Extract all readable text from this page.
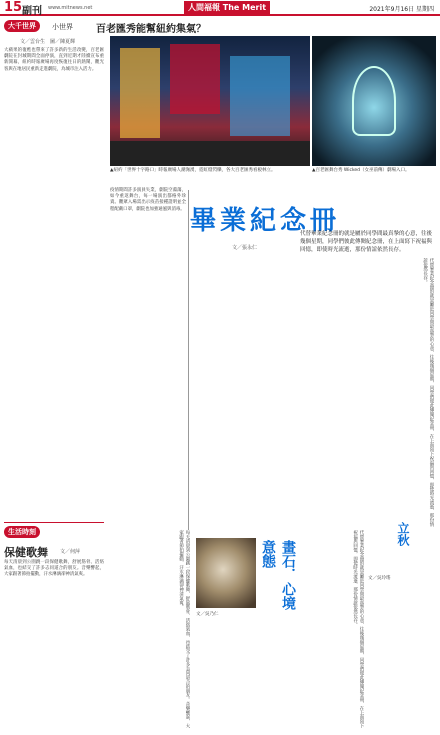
15 副刊 www.mitnews.net	人間福報 The Merit Times
2021年9月16日 星期四
大千世界	小世界 百老匯秀能幫紐約集氣？
文／雲台生　圖／陳夏輝
大蘋果的復甦也帶來了許多新的生活改變，百老匯劇院在封城期間全面停演，直到近期才陸續宣布重新開幕，紐約時報廣場再度恢復往日的熱鬧，觀光客與在地居民重新走進劇院，為城市注入活力。
▲紐約「世界十字路口」時報廣場人潮洶湧，霓虹燈閃爍，各大百老匯秀看板林立。	▲百老匯舞台秀 Wicked（女巫前傳）劇場入口。
疫情期間許多演員失業，劇院空蕩蕩，如今重返舞台，每一場演出都格外珍貴。觀眾入場需出示疫苗接種證明並全程配戴口罩，劇院也加強通風與消毒。 畢業紀念冊
文／張永仁
代替畢業紀念冊的就是屬於同學間最真摯的心意，往後幾個星期，同學們彼此傳閱紀念冊，在上面寫下祝福與回憶，即使時光流逝，那份情誼依然長存。
代替畢業紀念冊的就是屬於同學間最真摯的心意，往後幾個星期，同學們彼此傳閱紀念冊，在上面寫下祝福與回憶，即使時光流逝，那份情誼依然長存。
生活時刻
保健歌舞 文／何萍
每天清晨到公園跳一段保健歌舞，舒展筋骨、活絡氣血，也結交了許多志同道合的朋友。音樂響起，大家跟著節拍擺動，汗水淋漓卻神清氣爽。	畫石．心境意態
文／吳乃仁
每天清晨到公園跳一段保健歌舞，舒展筋骨、活絡氣血，也結交了許多志同道合的朋友。音樂響起，大家跟著節拍擺動，汗水淋漓卻神清氣爽。	立秋
文／吳玲瑤
代替畢業紀念冊的就是屬於同學間最真摯的心意，往後幾個星期，同學們彼此傳閱紀念冊，在上面寫下祝福與回憶，即使時光流逝，那份情誼依然長存。
